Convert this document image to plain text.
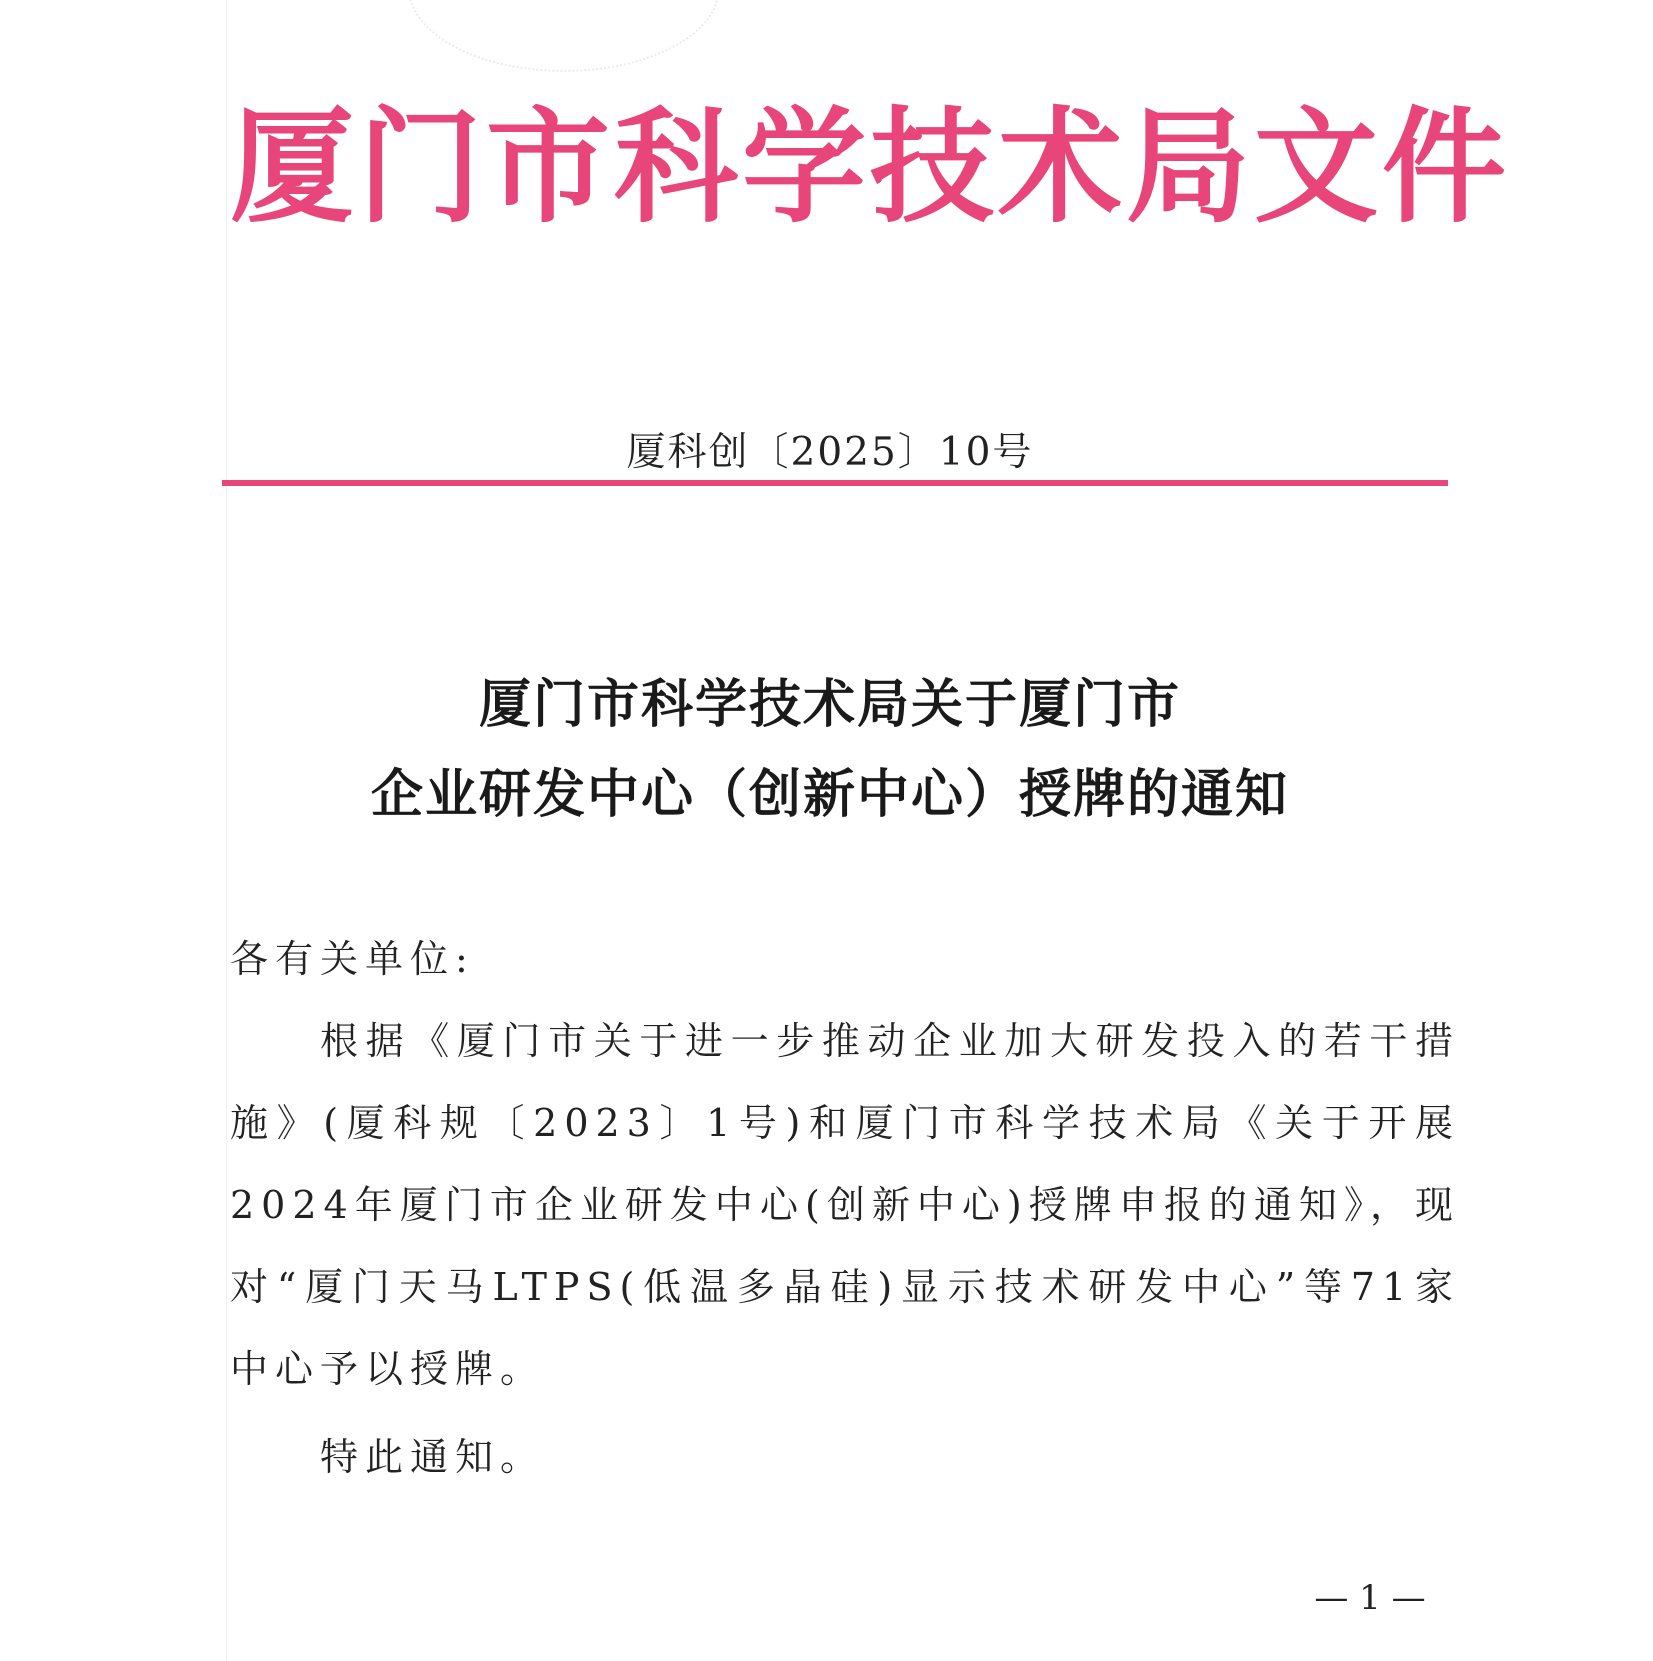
厦门市科学技术局文件
厦科创〔2025〕10号
厦门市科学技术局关于厦门市
企业研发中心（创新中心）授牌的通知

各有关单位:

根据《厦门市关于进一步推动企业加大研发投入的若干措施》(厦科规〔2023〕1号)和厦门市科学技术局《关于开展2024年厦门市企业研发中心(创新中心)授牌申报的通知》，现对“厦门天马LTPS(低温多晶硅)显示技术研发中心”等71家中心予以授牌。

特此通知。

— 1 —
